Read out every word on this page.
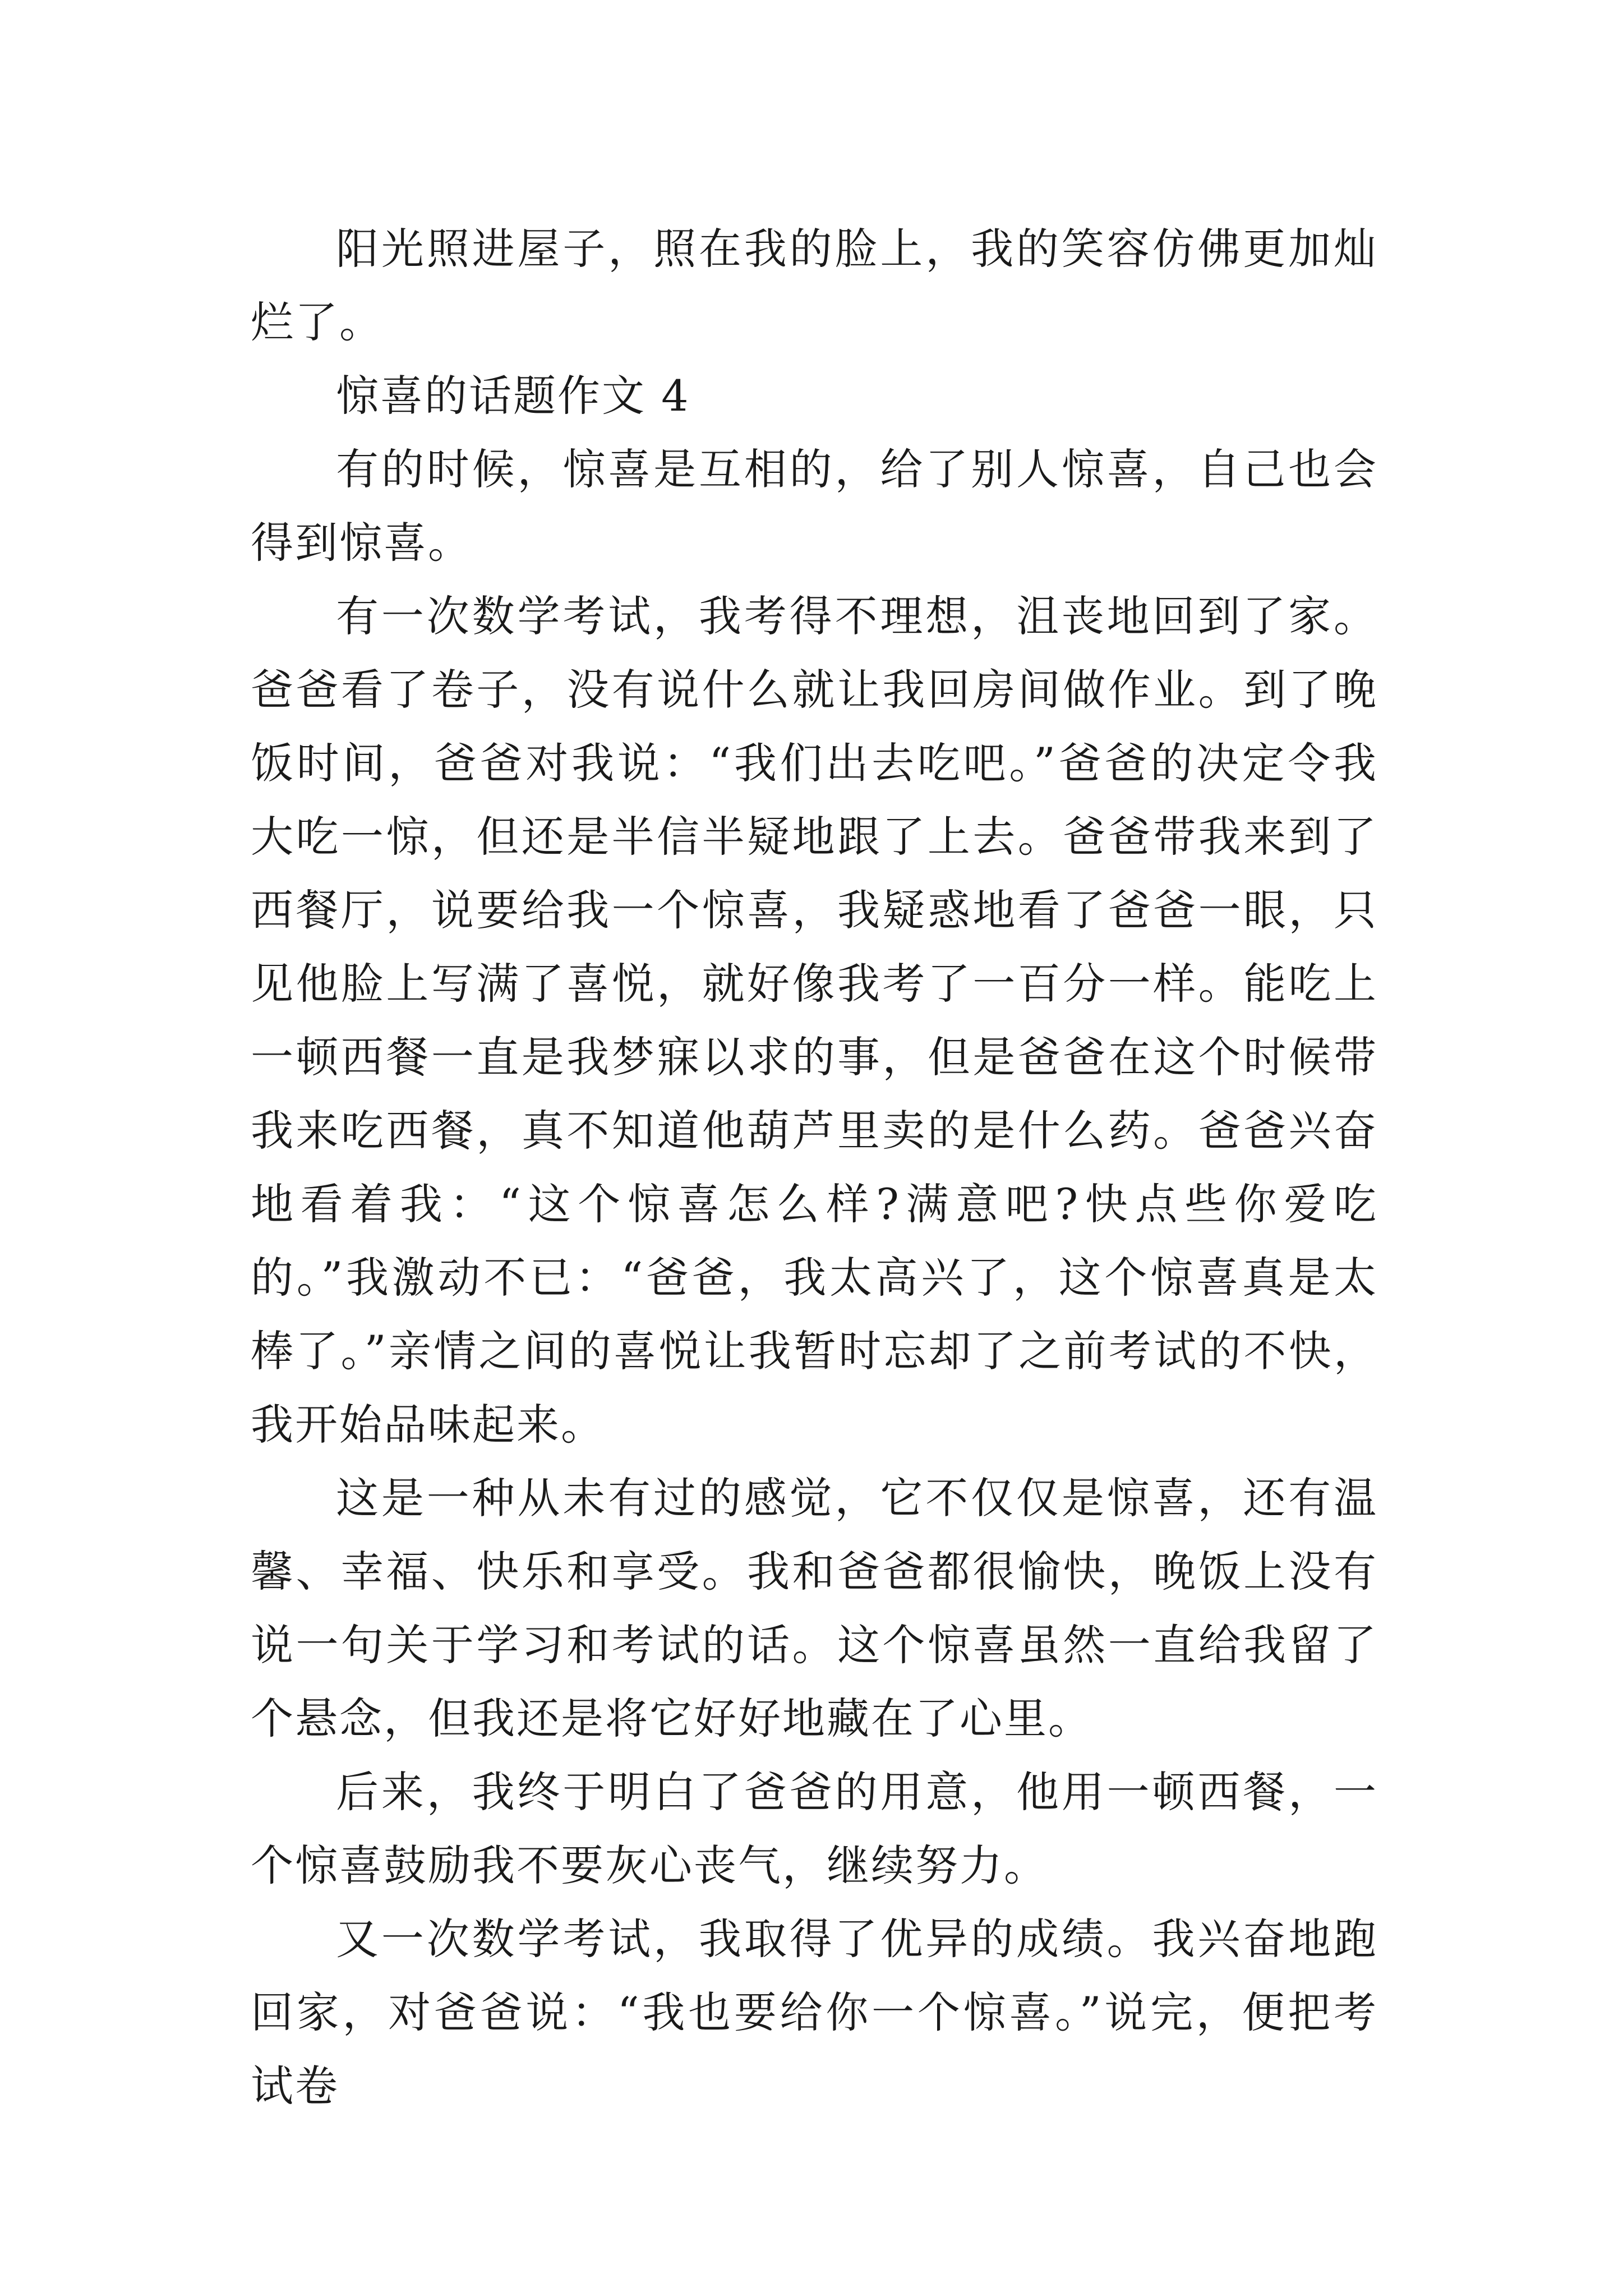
阳光照进屋子，照在我的脸上，我的笑容仿佛更加灿烂了。

惊喜的话题作文 4

有的时候，惊喜是互相的，给了别人惊喜，自己也会得到惊喜。

有一次数学考试，我考得不理想，沮丧地回到了家。爸爸看了卷子，没有说什么就让我回房间做作业。到了晚饭时间，爸爸对我说：“我们出去吃吧。”爸爸的决定令我大吃一惊，但还是半信半疑地跟了上去。爸爸带我来到了西餐厅，说要给我一个惊喜，我疑惑地看了爸爸一眼，只见他脸上写满了喜悦，就好像我考了一百分一样。能吃上一顿西餐一直是我梦寐以求的事，但是爸爸在这个时候带我来吃西餐，真不知道他葫芦里卖的是什么药。爸爸兴奋地看着我：“这个惊喜怎么样?满意吧?快点些你爱吃的。”我激动不已：“爸爸，我太高兴了，这个惊喜真是太棒了。”亲情之间的喜悦让我暂时忘却了之前考试的不快，我开始品味起来。

这是一种从未有过的感觉，它不仅仅是惊喜，还有温馨、幸福、快乐和享受。我和爸爸都很愉快，晚饭上没有说一句关于学习和考试的话。这个惊喜虽然一直给我留了个悬念，但我还是将它好好地藏在了心里。

后来，我终于明白了爸爸的用意，他用一顿西餐，一个惊喜鼓励我不要灰心丧气，继续努力。

又一次数学考试，我取得了优异的成绩。我兴奋地跑回家，对爸爸说：“我也要给你一个惊喜。”说完，便把考试卷
